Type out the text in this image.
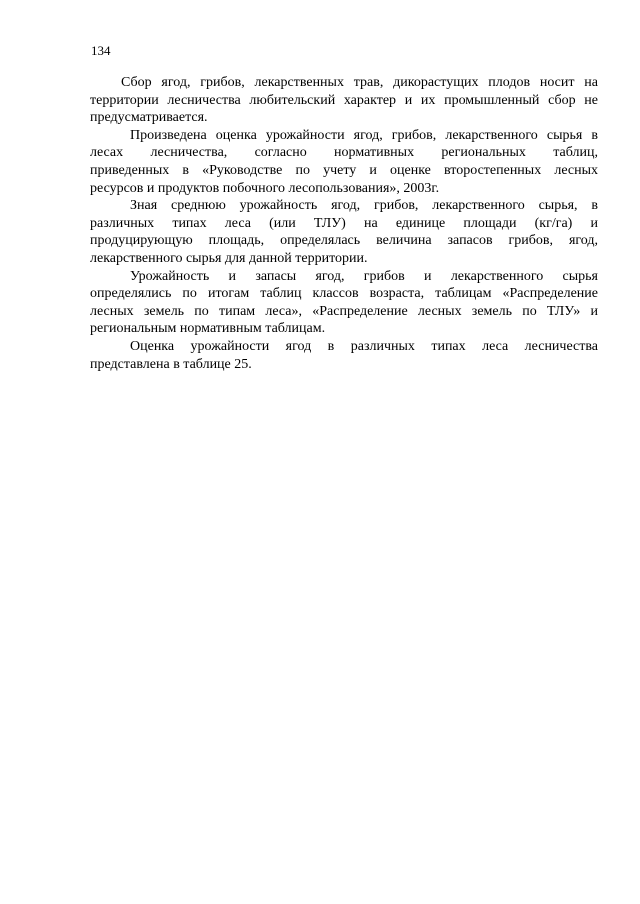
134

Сбор ягод, грибов, лекарственных трав, дикорастущих плодов носит на
территории лесничества любительский характер и их промышленный сбор не
предусматривается.

Произведена оценка урожайности ягод, грибов, лекарственного сырья в
лесах лесничества, согласно нормативных региональных таблиц,
приведенных в «Руководстве по учету и оценке второстепенных лесных
ресурсов и продуктов побочного лесопользования», 2003г.

Зная среднюю урожайность ягод, грибов, лекарственного сырья, в
различных типах леса (или ТЛУ) на единице площади (кг/га) и
продуцирующую площадь, определялась величина запасов грибов, ягод,
лекарственного сырья для данной территории.

Урожайность и запасы ягод, грибов и лекарственного сырья
определялись по итогам таблиц классов возраста, таблицам «Распределение
лесных земель по типам леса», «Распределение лесных земель по ТЛУ» и
региональным нормативным таблицам.

Оценка урожайности ягод в различных типах леса лесничества
представлена в таблице 25.
